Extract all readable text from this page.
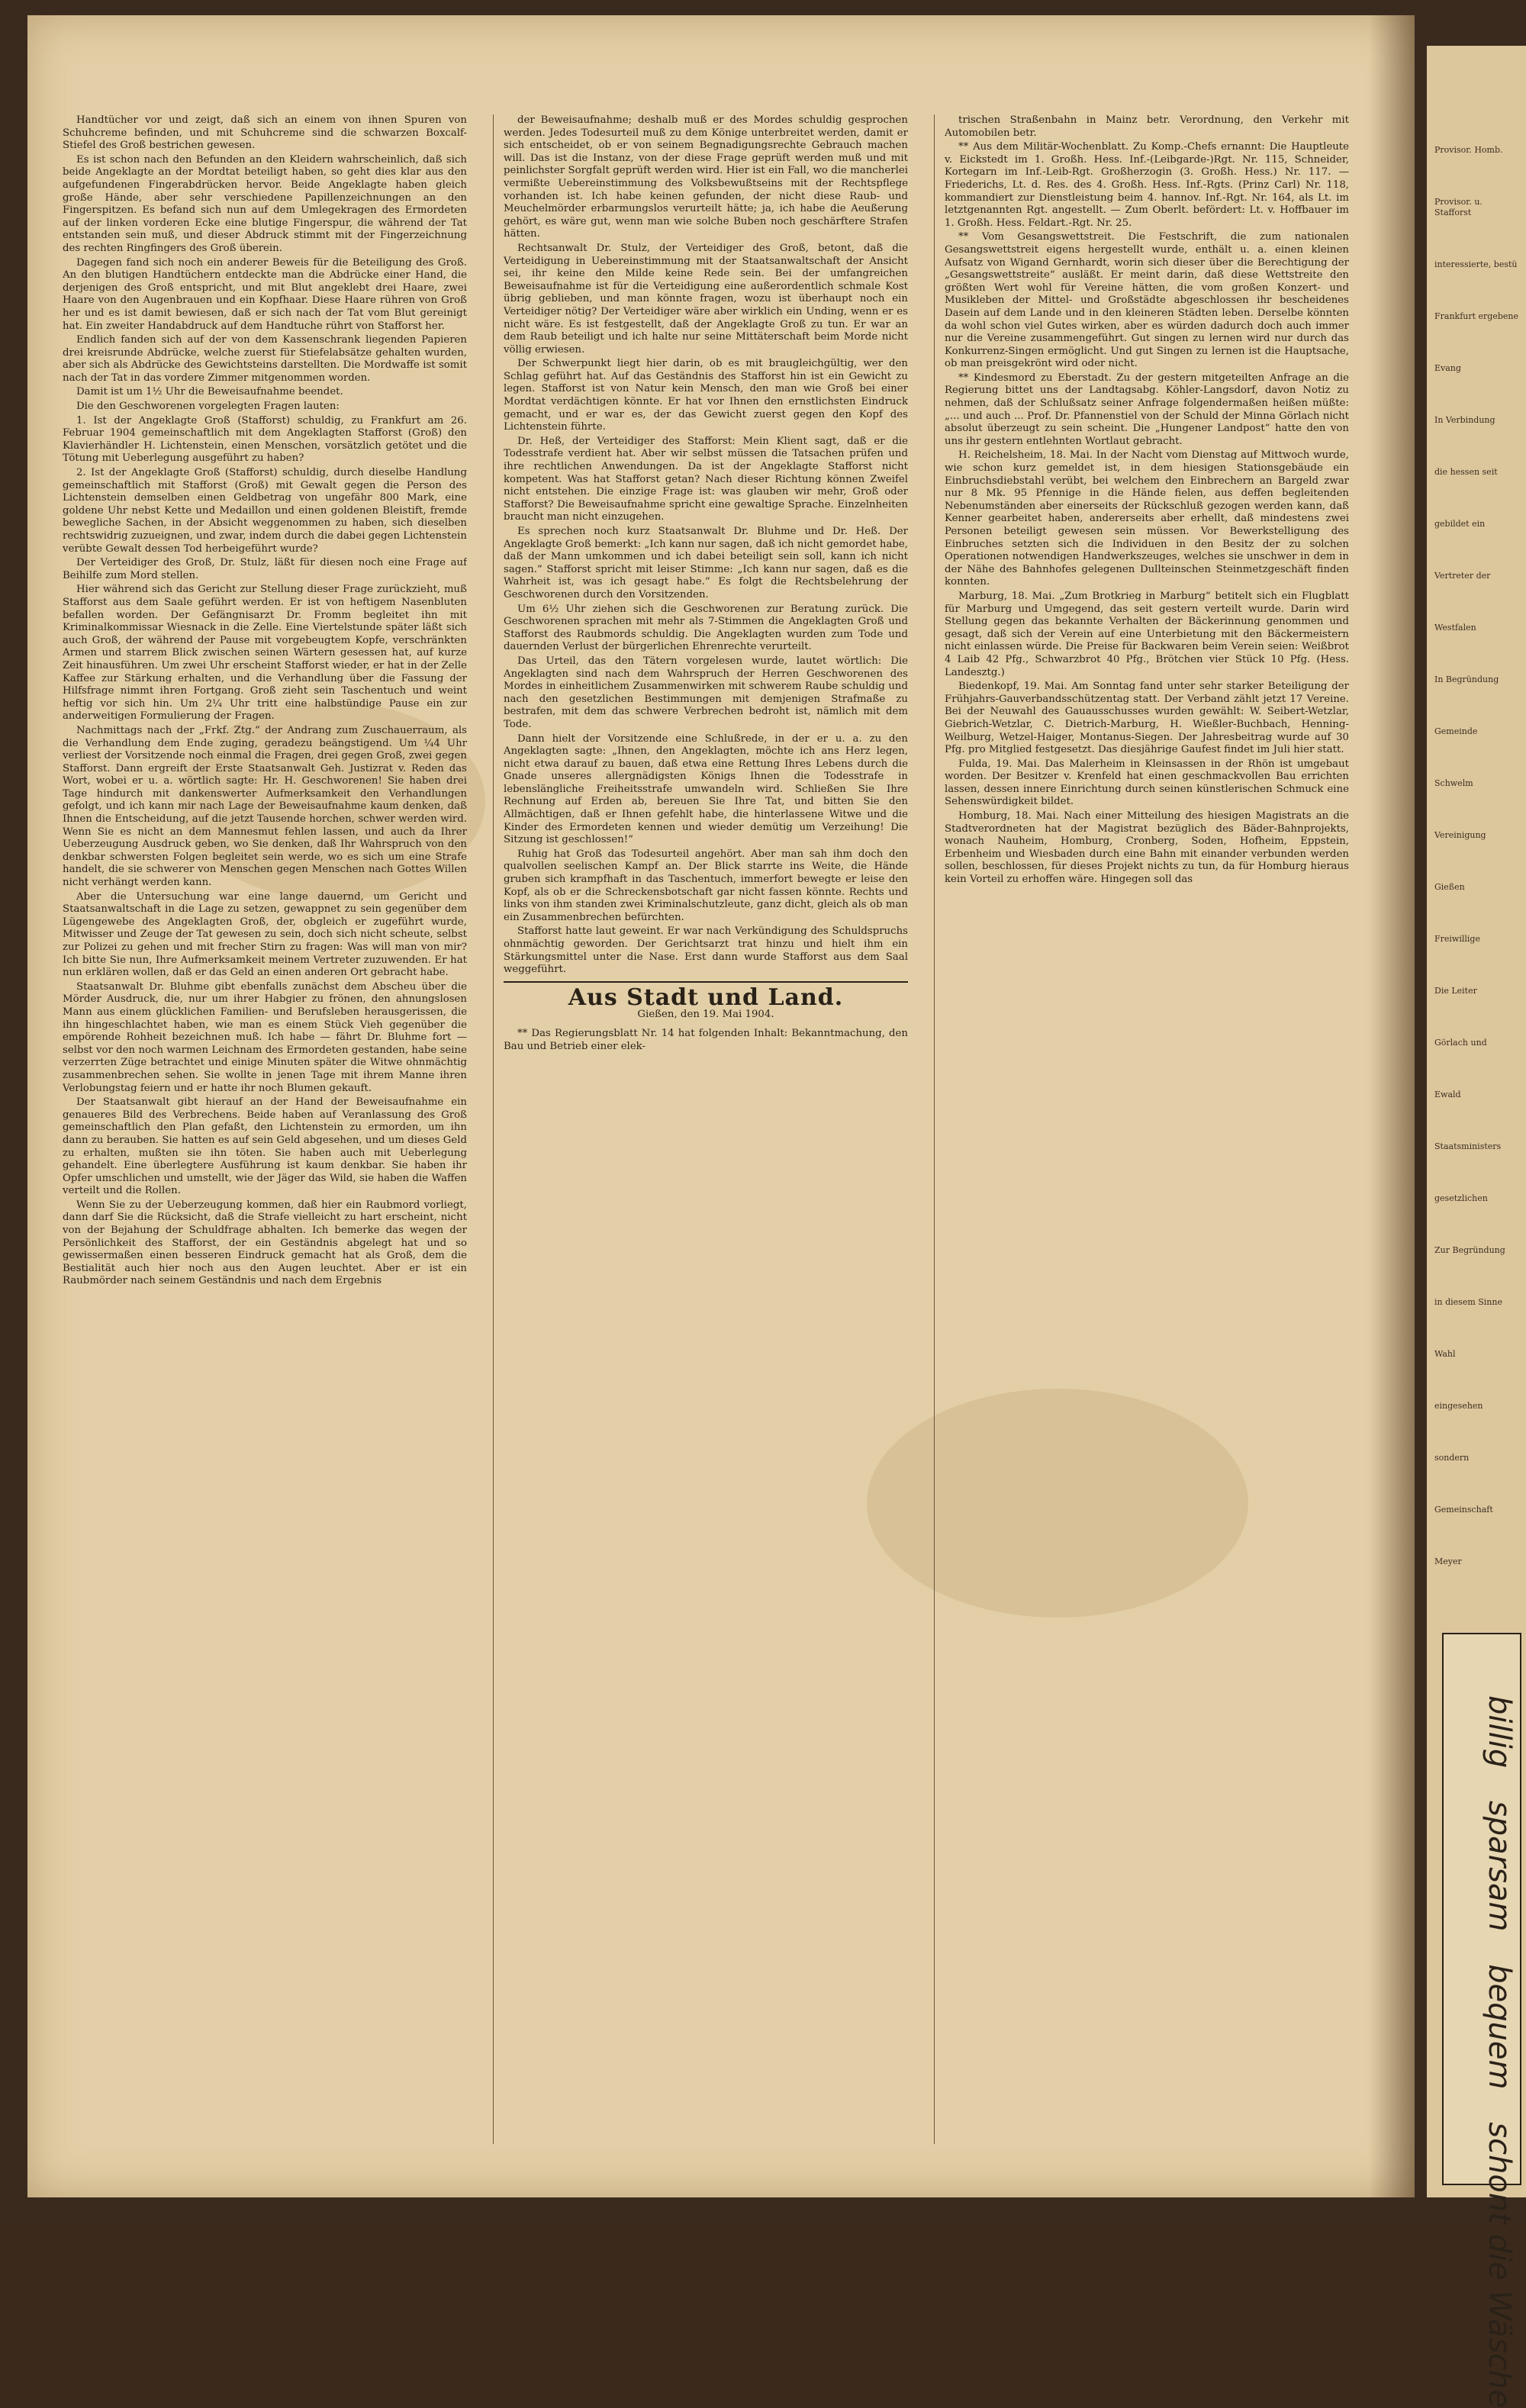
Provisor. Homb.
Provisor. u. Stafforst
interessierte, bestü
Frankfurt ergebene
Evang
In Verbindung
die hessen seit
gebildet ein
Vertreter der
Westfalen
In Begründung
Gemeinde
Schwelm
Vereinigung
Gießen
Freiwillige
Die Leiter
Görlach und
Ewald
Staatsministers
gesetzlichen
Zur Begründung
in diesem Sinne
Wahl
eingesehen
sondern
Gemeinschaft
Meyer

Handtücher vor und zeigt, daß sich an einem von ihnen Spuren von Schuhcreme befinden, und mit Schuhcreme sind die schwarzen Boxcalf-Stiefel des Groß bestrichen gewesen.

Es ist schon nach den Befunden an den Kleidern wahrscheinlich, daß sich beide Angeklagte an der Mordtat beteiligt haben, so geht dies klar aus den aufgefundenen Fingerabdrücken hervor. Beide Angeklagte haben gleich große Hände, aber sehr verschiedene Papillenzeichnungen an den Fingerspitzen. Es befand sich nun auf dem Umlegekragen des Ermordeten auf der linken vorderen Ecke eine blutige Fingerspur, die während der Tat entstanden sein muß, und dieser Abdruck stimmt mit der Fingerzeichnung des rechten Ringfingers des Groß überein.

Dagegen fand sich noch ein anderer Beweis für die Beteiligung des Groß. An den blutigen Handtüchern entdeckte man die Abdrücke einer Hand, die derjenigen des Groß entspricht, und mit Blut angeklebt drei Haare, zwei Haare von den Augenbrauen und ein Kopfhaar. Diese Haare rühren von Groß her und es ist damit bewiesen, daß er sich nach der Tat vom Blut gereinigt hat. Ein zweiter Handabdruck auf dem Handtuche rührt von Stafforst her.

Endlich fanden sich auf der von dem Kassenschrank liegenden Papieren drei kreisrunde Abdrücke, welche zuerst für Stiefelabsätze gehalten wurden, aber sich als Abdrücke des Gewichtsteins darstellten. Die Mordwaffe ist somit nach der Tat in das vordere Zimmer mitgenommen worden.

Damit ist um 1½ Uhr die Beweisaufnahme beendet.

Die den Geschworenen vorgelegten Fragen lauten:

1. Ist der Angeklagte Groß (Stafforst) schuldig, zu Frankfurt am 26. Februar 1904 gemeinschaftlich mit dem Angeklagten Stafforst (Groß) den Klavierhändler H. Lichtenstein, einen Menschen, vorsätzlich getötet und die Tötung mit Ueberlegung ausgeführt zu haben?

2. Ist der Angeklagte Groß (Stafforst) schuldig, durch dieselbe Handlung gemeinschaftlich mit Stafforst (Groß) mit Gewalt gegen die Person des Lichtenstein demselben einen Geldbetrag von ungefähr 800 Mark, eine goldene Uhr nebst Kette und Medaillon und einen goldenen Bleistift, fremde bewegliche Sachen, in der Absicht weggenommen zu haben, sich dieselben rechtswidrig zuzueignen, und zwar, indem durch die dabei gegen Lichtenstein verübte Gewalt dessen Tod herbeigeführt wurde?

Der Verteidiger des Groß, Dr. Stulz, läßt für diesen noch eine Frage auf Beihilfe zum Mord stellen.

Hier während sich das Gericht zur Stellung dieser Frage zurückzieht, muß Stafforst aus dem Saale geführt werden. Er ist von heftigem Nasenbluten befallen worden. Der Gefängnisarzt Dr. Fromm begleitet ihn mit Kriminalkommissar Wiesnack in die Zelle. Eine Viertelstunde später läßt sich auch Groß, der während der Pause mit vorgebeugtem Kopfe, verschränkten Armen und starrem Blick zwischen seinen Wärtern gesessen hat, auf kurze Zeit hinausführen. Um zwei Uhr erscheint Stafforst wieder, er hat in der Zelle Kaffee zur Stärkung erhalten, und die Verhandlung über die Fassung der Hilfsfrage nimmt ihren Fortgang. Groß zieht sein Taschentuch und weint heftig vor sich hin. Um 2¼ Uhr tritt eine halbstündige Pause ein zur anderweitigen Formulierung der Fragen.

Nachmittags nach der „Frkf. Ztg.“ der Andrang zum Zuschauerraum, als die Verhandlung dem Ende zuging, geradezu beängstigend. Um ¼4 Uhr verliest der Vorsitzende noch einmal die Fragen, drei gegen Groß, zwei gegen Stafforst. Dann ergreift der Erste Staatsanwalt Geh. Justizrat v. Reden das Wort, wobei er u. a. wörtlich sagte: Hr. H. Geschworenen! Sie haben drei Tage hindurch mit dankenswerter Aufmerksamkeit den Verhandlungen gefolgt, und ich kann mir nach Lage der Beweisaufnahme kaum denken, daß Ihnen die Entscheidung, auf die jetzt Tausende horchen, schwer werden wird. Wenn Sie es nicht an dem Mannesmut fehlen lassen, und auch da Ihrer Ueberzeugung Ausdruck geben, wo Sie denken, daß Ihr Wahrspruch von den denkbar schwersten Folgen begleitet sein werde, wo es sich um eine Strafe handelt, die sie schwerer von Menschen gegen Menschen nach Gottes Willen nicht verhängt werden kann.

Aber die Untersuchung war eine lange dauernd, um Gericht und Staatsanwaltschaft in die Lage zu setzen, gewappnet zu sein gegenüber dem Lügengewebe des Angeklagten Groß, der, obgleich er zugeführt wurde, Mitwisser und Zeuge der Tat gewesen zu sein, doch sich nicht scheute, selbst zur Polizei zu gehen und mit frecher Stirn zu fragen: Was will man von mir? Ich bitte Sie nun, Ihre Aufmerksamkeit meinem Vertreter zuzuwenden. Er hat nun erklären wollen, daß er das Geld an einen anderen Ort gebracht habe.

Staatsanwalt Dr. Bluhme gibt ebenfalls zunächst dem Abscheu über die Mörder Ausdruck, die, nur um ihrer Habgier zu frönen, den ahnungslosen Mann aus einem glücklichen Familien- und Berufsleben herausgerissen, die ihn hingeschlachtet haben, wie man es einem Stück Vieh gegenüber die empörende Rohheit bezeichnen muß. Ich habe — fährt Dr. Bluhme fort — selbst vor den noch warmen Leichnam des Ermordeten gestanden, habe seine verzerrten Züge betrachtet und einige Minuten später die Witwe ohnmächtig zusammenbrechen sehen. Sie wollte in jenen Tage mit ihrem Manne ihren Verlobungstag feiern und er hatte ihr noch Blumen gekauft.

Der Staatsanwalt gibt hierauf an der Hand der Beweisaufnahme ein genaueres Bild des Verbrechens. Beide haben auf Veranlassung des Groß gemeinschaftlich den Plan gefaßt, den Lichtenstein zu ermorden, um ihn dann zu berauben. Sie hatten es auf sein Geld abgesehen, und um dieses Geld zu erhalten, mußten sie ihn töten. Sie haben auch mit Ueberlegung gehandelt. Eine überlegtere Ausführung ist kaum denkbar. Sie haben ihr Opfer umschlichen und umstellt, wie der Jäger das Wild, sie haben die Waffen verteilt und die Rollen.

Wenn Sie zu der Ueberzeugung kommen, daß hier ein Raubmord vorliegt, dann darf Sie die Rücksicht, daß die Strafe vielleicht zu hart erscheint, nicht von der Bejahung der Schuldfrage abhalten. Ich bemerke das wegen der Persönlichkeit des Stafforst, der ein Geständnis abgelegt hat und so gewissermaßen einen besseren Eindruck gemacht hat als Groß, dem die Bestialität auch hier noch aus den Augen leuchtet. Aber er ist ein Raubmörder nach seinem Geständnis und nach dem Ergebnis

der Beweisaufnahme; deshalb muß er des Mordes schuldig gesprochen werden. Jedes Todesurteil muß zu dem Könige unterbreitet werden, damit er sich entscheidet, ob er von seinem Begnadigungsrechte Gebrauch machen will. Das ist die Instanz, von der diese Frage geprüft werden muß und mit peinlichster Sorgfalt geprüft werden wird. Hier ist ein Fall, wo die mancherlei vermißte Uebereinstimmung des Volksbewußtseins mit der Rechtspflege vorhanden ist. Ich habe keinen gefunden, der nicht diese Raub- und Meuchelmörder erbarmungslos verurteilt hätte; ja, ich habe die Aeußerung gehört, es wäre gut, wenn man wie solche Buben noch geschärftere Strafen hätten.

Rechtsanwalt Dr. Stulz, der Verteidiger des Groß, betont, daß die Verteidigung in Uebereinstimmung mit der Staatsanwaltschaft der Ansicht sei, ihr keine den Milde keine Rede sein. Bei der umfangreichen Beweisaufnahme ist für die Verteidigung eine außerordentlich schmale Kost übrig geblieben, und man könnte fragen, wozu ist überhaupt noch ein Verteidiger nötig? Der Verteidiger wäre aber wirklich ein Unding, wenn er es nicht wäre. Es ist festgestellt, daß der Angeklagte Groß zu tun. Er war an dem Raub beteiligt und ich halte nur seine Mittäterschaft beim Morde nicht völlig erwiesen.

Der Schwerpunkt liegt hier darin, ob es mit braugleichgültig, wer den Schlag geführt hat. Auf das Geständnis des Stafforst hin ist ein Gewicht zu legen. Stafforst ist von Natur kein Mensch, den man wie Groß bei einer Mordtat verdächtigen könnte. Er hat vor Ihnen den ernstlichsten Eindruck gemacht, und er war es, der das Gewicht zuerst gegen den Kopf des Lichtenstein führte.

Dr. Heß, der Verteidiger des Stafforst: Mein Klient sagt, daß er die Todesstrafe verdient hat. Aber wir selbst müssen die Tatsachen prüfen und ihre rechtlichen Anwendungen. Da ist der Angeklagte Stafforst nicht kompetent. Was hat Stafforst getan? Nach dieser Richtung können Zweifel nicht entstehen. Die einzige Frage ist: was glauben wir mehr, Groß oder Stafforst? Die Beweisaufnahme spricht eine gewaltige Sprache. Einzelnheiten braucht man nicht einzugehen.

Es sprechen noch kurz Staatsanwalt Dr. Bluhme und Dr. Heß. Der Angeklagte Groß bemerkt: „Ich kann nur sagen, daß ich nicht gemordet habe, daß der Mann umkommen und ich dabei beteiligt sein soll, kann ich nicht sagen.“ Stafforst spricht mit leiser Stimme: „Ich kann nur sagen, daß es die Wahrheit ist, was ich gesagt habe.“ Es folgt die Rechtsbelehrung der Geschworenen durch den Vorsitzenden.

Um 6½ Uhr ziehen sich die Geschworenen zur Beratung zurück. Die Geschworenen sprachen mit mehr als 7-Stimmen die Angeklagten Groß und Stafforst des Raubmords schuldig. Die Angeklagten wurden zum Tode und dauernden Verlust der bürgerlichen Ehrenrechte verurteilt.

Das Urteil, das den Tätern vorgelesen wurde, lautet wörtlich: Die Angeklagten sind nach dem Wahrspruch der Herren Geschworenen des Mordes in einheitlichem Zusammenwirken mit schwerem Raube schuldig und nach den gesetzlichen Bestimmungen mit demjenigen Strafmaße zu bestrafen, mit dem das schwere Verbrechen bedroht ist, nämlich mit dem Tode.

Dann hielt der Vorsitzende eine Schlußrede, in der er u. a. zu den Angeklagten sagte: „Ihnen, den Angeklagten, möchte ich ans Herz legen, nicht etwa darauf zu bauen, daß etwa eine Rettung Ihres Lebens durch die Gnade unseres allergnädigsten Königs Ihnen die Todesstrafe in lebenslängliche Freiheitsstrafe umwandeln wird. Schließen Sie Ihre Rechnung auf Erden ab, bereuen Sie Ihre Tat, und bitten Sie den Allmächtigen, daß er Ihnen gefehlt habe, die hinterlassene Witwe und die Kinder des Ermordeten kennen und wieder demütig um Verzeihung! Die Sitzung ist geschlossen!“

Ruhig hat Groß das Todesurteil angehört. Aber man sah ihm doch den qualvollen seelischen Kampf an. Der Blick starrte ins Weite, die Hände gruben sich krampfhaft in das Taschentuch, immerfort bewegte er leise den Kopf, als ob er die Schreckensbotschaft gar nicht fassen könnte. Rechts und links von ihm standen zwei Kriminalschutzleute, ganz dicht, gleich als ob man ein Zusammenbrechen befürchten.

Stafforst hatte laut geweint. Er war nach Verkündigung des Schuldspruchs ohnmächtig geworden. Der Gerichtsarzt trat hinzu und hielt ihm ein Stärkungsmittel unter die Nase. Erst dann wurde Stafforst aus dem Saal weggeführt.

Aus Stadt und Land.
Gießen, den 19. Mai 1904.

** Das Regierungsblatt Nr. 14 hat folgenden Inhalt: Bekanntmachung, den Bau und Betrieb einer elek-

trischen Straßenbahn in Mainz betr. Verordnung, den Verkehr mit Automobilen betr.

** Aus dem Militär-Wochenblatt. Zu Komp.-Chefs ernannt: Die Hauptleute v. Eickstedt im 1. Großh. Hess. Inf.-(Leibgarde-)Rgt. Nr. 115, Schneider, Kortegarn im Inf.-Leib-Rgt. Großherzogin (3. Großh. Hess.) Nr. 117. — Friederichs, Lt. d. Res. des 4. Großh. Hess. Inf.-Rgts. (Prinz Carl) Nr. 118, kommandiert zur Dienstleistung beim 4. hannov. Inf.-Rgt. Nr. 164, als Lt. im letztgenannten Rgt. angestellt. — Zum Oberlt. befördert: Lt. v. Hoffbauer im 1. Großh. Hess. Feldart.-Rgt. Nr. 25.

** Vom Gesangswettstreit. Die Festschrift, die zum nationalen Gesangswettstreit eigens hergestellt wurde, enthält u. a. einen kleinen Aufsatz von Wigand Gernhardt, worin sich dieser über die Berechtigung der „Gesangswettstreite“ ausläßt. Er meint darin, daß diese Wettstreite den größten Wert wohl für Vereine hätten, die vom großen Konzert- und Musikleben der Mittel- und Großstädte abgeschlossen ihr bescheidenes Dasein auf dem Lande und in den kleineren Städten leben. Derselbe könnten da wohl schon viel Gutes wirken, aber es würden dadurch doch auch immer nur die Vereine zusammengeführt. Gut singen zu lernen wird nur durch das Konkurrenz-Singen ermöglicht. Und gut Singen zu lernen ist die Hauptsache, ob man preisgekrönt wird oder nicht.

** Kindesmord zu Eberstadt. Zu der gestern mitgeteilten Anfrage an die Regierung bittet uns der Landtagsabg. Köhler-Langsdorf, davon Notiz zu nehmen, daß der Schlußsatz seiner Anfrage folgendermaßen heißen müßte: „... und auch ... Prof. Dr. Pfannenstiel von der Schuld der Minna Görlach nicht absolut überzeugt zu sein scheint. Die „Hungener Landpost“ hatte den von uns ihr gestern entlehnten Wortlaut gebracht.

H. Reichelsheim, 18. Mai. In der Nacht vom Dienstag auf Mittwoch wurde, wie schon kurz gemeldet ist, in dem hiesigen Stationsgebäude ein Einbruchsdiebstahl verübt, bei welchem den Einbrechern an Bargeld zwar nur 8 Mk. 95 Pfennige in die Hände fielen, aus deffen begleitenden Nebenumständen aber einerseits der Rückschluß gezogen werden kann, daß Kenner gearbeitet haben, andererseits aber erhellt, daß mindestens zwei Personen beteiligt gewesen sein müssen. Vor Bewerkstelligung des Einbruches setzten sich die Individuen in den Besitz der zu solchen Operationen notwendigen Handwerkszeuges, welches sie unschwer in dem in der Nähe des Bahnhofes gelegenen Dullteinschen Steinmetzgeschäft finden konnten.

Marburg, 18. Mai. „Zum Brotkrieg in Marburg“ betitelt sich ein Flugblatt für Marburg und Umgegend, das seit gestern verteilt wurde. Darin wird Stellung gegen das bekannte Verhalten der Bäckerinnung genommen und gesagt, daß sich der Verein auf eine Unterbietung mit den Bäckermeistern nicht einlassen würde. Die Preise für Backwaren beim Verein seien: Weißbrot 4 Laib 42 Pfg., Schwarzbrot 40 Pfg., Brötchen vier Stück 10 Pfg. (Hess. Landesztg.)

Biedenkopf, 19. Mai. Am Sonntag fand unter sehr starker Beteiligung der Frühjahrs-Gauverbandsschützentag statt. Der Verband zählt jetzt 17 Vereine. Bei der Neuwahl des Gauausschusses wurden gewählt: W. Seibert-Wetzlar, Giebrich-Wetzlar, C. Dietrich-Marburg, H. Wießler-Buchbach, Henning-Weilburg, Wetzel-Haiger, Montanus-Siegen. Der Jahresbeitrag wurde auf 30 Pfg. pro Mitglied festgesetzt. Das diesjährige Gaufest findet im Juli hier statt.

Fulda, 19. Mai. Das Malerheim in Kleinsassen in der Rhön ist umgebaut worden. Der Besitzer v. Krenfeld hat einen geschmackvollen Bau errichten lassen, dessen innere Einrichtung durch seinen künstlerischen Schmuck eine Sehenswürdigkeit bildet.

Homburg, 18. Mai. Nach einer Mitteilung des hiesigen Magistrats an die Stadtverordneten hat der Magistrat bezüglich des Bäder-Bahnprojekts, wonach Nauheim, Homburg, Cronberg, Soden, Hofheim, Eppstein, Erbenheim und Wiesbaden durch eine Bahn mit einander verbunden werden sollen, beschlossen, für dieses Projekt nichts zu tun, da für Homburg hieraus kein Vorteil zu erhoffen wäre. Hingegen soll das

billig sparsam bequem schont die Wäsche
